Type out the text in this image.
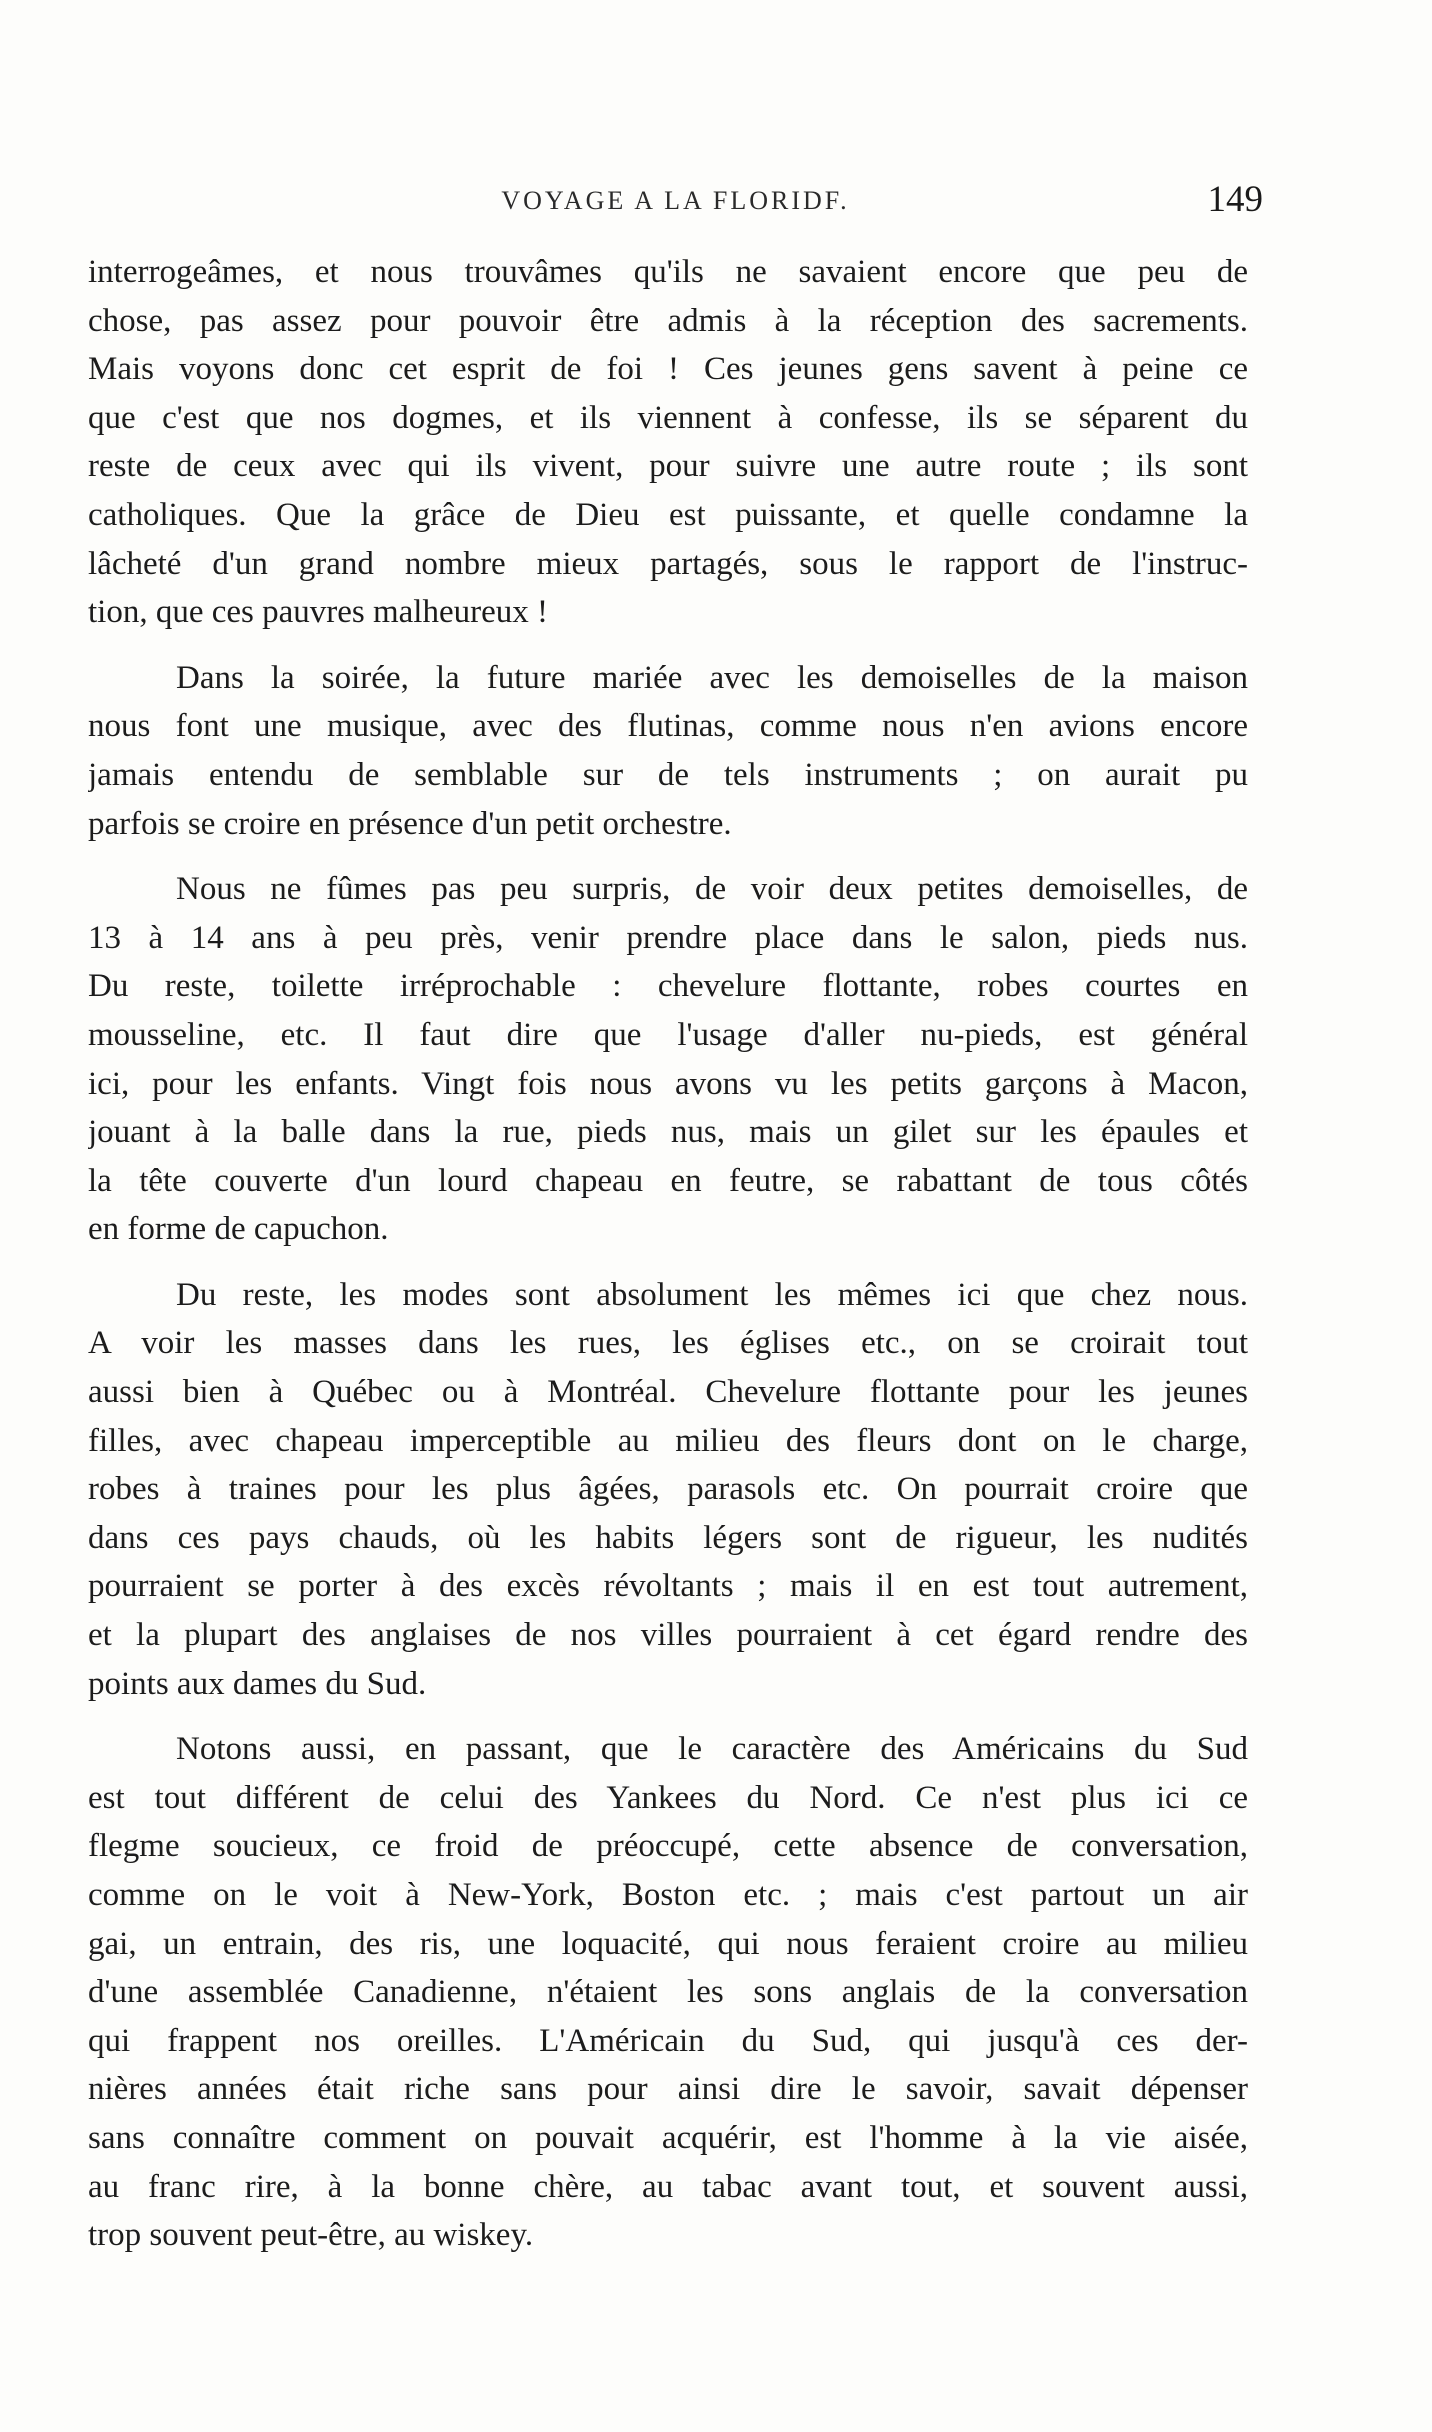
VOYAGE A LA FLORIDF.	149
interrogeâmes, et nous trouvâmes qu'ils ne savaient encore que peu de
chose, pas assez pour pouvoir être admis à la réception des sacrements.
Mais voyons donc cet esprit de foi ! Ces jeunes gens savent à peine ce
que c'est que nos dogmes, et ils viennent à confesse, ils se séparent du
reste de ceux avec qui ils vivent, pour suivre une autre route ; ils sont
catholiques. Que la grâce de Dieu est puissante, et quelle condamne la
lâcheté d'un grand nombre mieux partagés, sous le rapport de l'instruc-
tion, que ces pauvres malheureux !
Dans la soirée, la future mariée avec les demoiselles de la maison
nous font une musique, avec des flutinas, comme nous n'en avions encore
jamais entendu de semblable sur de tels instruments ; on aurait pu
parfois se croire en présence d'un petit orchestre.
Nous ne fûmes pas peu surpris, de voir deux petites demoiselles, de
13 à 14 ans à peu près, venir prendre place dans le salon, pieds nus.
Du reste, toilette irréprochable : chevelure flottante, robes courtes en
mousseline, etc. Il faut dire que l'usage d'aller nu-pieds, est général
ici, pour les enfants. Vingt fois nous avons vu les petits garçons à Macon,
jouant à la balle dans la rue, pieds nus, mais un gilet sur les épaules et
la tête couverte d'un lourd chapeau en feutre, se rabattant de tous côtés
en forme de capuchon.
Du reste, les modes sont absolument les mêmes ici que chez nous.
A voir les masses dans les rues, les églises etc., on se croirait tout
aussi bien à Québec ou à Montréal. Chevelure flottante pour les jeunes
filles, avec chapeau imperceptible au milieu des fleurs dont on le charge,
robes à traines pour les plus âgées, parasols etc. On pourrait croire que
dans ces pays chauds, où les habits légers sont de rigueur, les nudités
pourraient se porter à des excès révoltants ; mais il en est tout autrement,
et la plupart des anglaises de nos villes pourraient à cet égard rendre des
points aux dames du Sud.
Notons aussi, en passant, que le caractère des Américains du Sud
est tout différent de celui des Yankees du Nord. Ce n'est plus ici ce
flegme soucieux, ce froid de préoccupé, cette absence de conversation,
comme on le voit à New-York, Boston etc. ; mais c'est partout un air
gai, un entrain, des ris, une loquacité, qui nous feraient croire au milieu
d'une assemblée Canadienne, n'étaient les sons anglais de la conversation
qui frappent nos oreilles. L'Américain du Sud, qui jusqu'à ces der-
nières années était riche sans pour ainsi dire le savoir, savait dépenser
sans connaître comment on pouvait acquérir, est l'homme à la vie aisée,
au franc rire, à la bonne chère, au tabac avant tout, et souvent aussi,
trop souvent peut-être, au wiskey.
